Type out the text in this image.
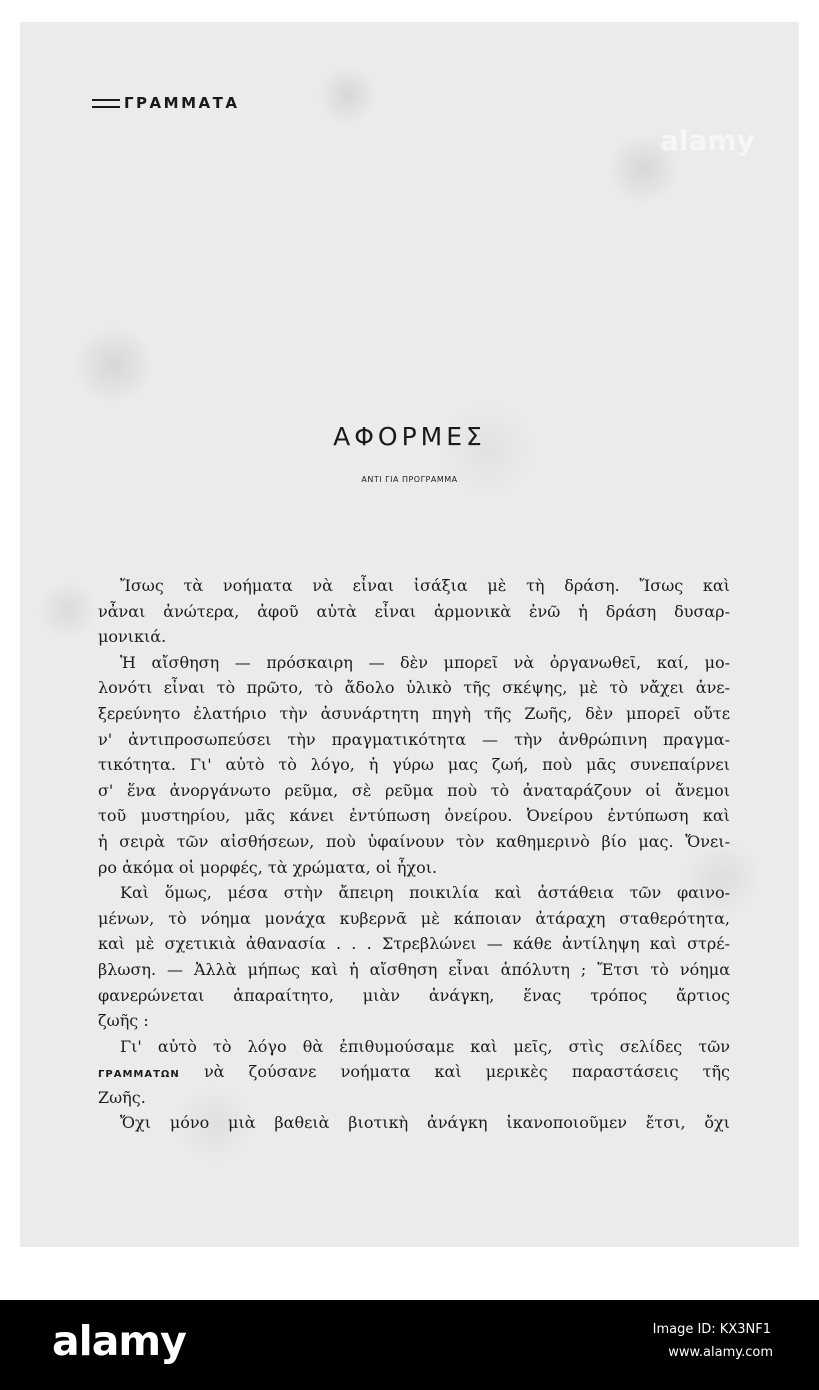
alamy
ΓΡΑΜΜΑΤΑ
ΑΦΟΡΜΕΣ
ΑΝΤΙ ΓΙΑ ΠΡΟΓΡΑΜΜΑ
Ἴσως τὰ νοήματα νὰ εἶναι ἰσάξια μὲ τὴ δράση. Ἴσως καὶ
νἆναι ἀνώτερα, ἀφοῦ αὐτὰ εἶναι ἁρμονικὰ ἐνῶ ἡ δράση δυσαρ-
μονικιά.
Ἡ αἴσθηση — πρόσκαιρη — δὲν μπορεῖ νὰ ὀργανωθεῖ, καί, μο-
λονότι εἶναι τὸ πρῶτο, τὸ ἄδολο ὑλικὸ τῆς σκέψης, μὲ τὸ νἄχει ἀνε-
ξερεύνητο ἐλατήριο τὴν ἀσυνάρτητη πηγὴ τῆς Ζωῆς, δὲν μπορεῖ οὔτε
ν' ἀντιπροσωπεύσει τὴν πραγματικότητα — τὴν ἀνθρώπινη πραγμα-
τικότητα. Γι' αὐτὸ τὸ λόγο, ἡ γύρω μας ζωή, ποὺ μᾶς συνεπαίρνει
σ' ἕνα ἀνοργάνωτο ρεῦμα, σὲ ρεῦμα ποὺ τὸ ἀναταράζουν οἱ ἄνεμοι
τοῦ μυστηρίου, μᾶς κάνει ἐντύπωση ὀνείρου. Ὀνείρου ἐντύπωση καὶ
ἡ σειρὰ τῶν αἰσθήσεων, ποὺ ὑφαίνουν τὸν καθημερινὸ βίο μας. Ὄνει-
ρο ἀκόμα οἱ μορφές, τὰ χρώματα, οἱ ἦχοι.
Καὶ ὅμως, μέσα στὴν ἄπειρη ποικιλία καὶ ἀστάθεια τῶν φαινο-
μένων, τὸ νόημα μονάχα κυβερνᾶ μὲ κάποιαν ἀτάραχη σταθερότητα,
καὶ μὲ σχετικιὰ ἀθανασία . . . Στρεβλώνει — κάθε ἀντίληψη καὶ στρέ-
βλωση. — Ἀλλὰ μήπως καὶ ἡ αἴσθηση εἶναι ἀπόλυτη ; Ἔτσι τὸ νόημα
φανερώνεται ἀπαραίτητο, μιὰν ἀνάγκη, ἕνας τρόπος ἄρτιος
ζωῆς :
Γι' αὐτὸ τὸ λόγο θὰ ἐπιθυμούσαμε καὶ μεῖς, στὶς σελίδες τῶν
ΓΡΑΜΜΑΤΩΝ νὰ ζούσανε νοήματα καὶ μερικὲς παραστάσεις τῆς
Ζωῆς.
Ὄχι μόνο μιὰ βαθειὰ βιοτικὴ ἀνάγκη ἱκανοποιοῦμεν ἔτσι, ὄχι
alamy	Image ID: KX3NF1
www.alamy.com
